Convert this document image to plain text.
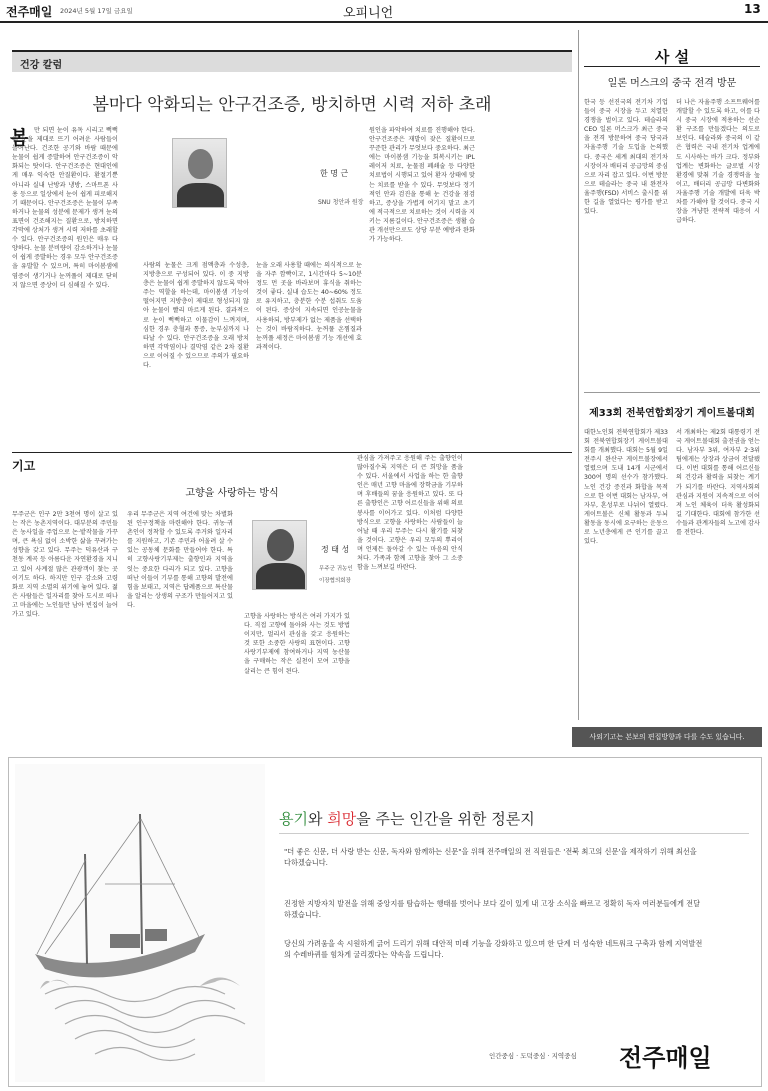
전주매일 2024년 5월 17일 금요일	오피니언	13
건강 칼럼
봄마다 악화되는 안구건조증, 방치하면 시력 저하 초래
봄 만 되면 눈이 유독 시리고 뻑뻑해 눈을 제대로 뜨기 어려운 사람들이 늘어난다. 건조한 공기와 바람 때문에 눈물이 쉽게 증발하여 안구건조증이 악화되는 탓이다. 안구건조증은 현대인에게 매우 익숙한 안질환이다. 환절기뿐 아니라 실내 난방과 냉방, 스마트폰 사용 등으로 일상에서 눈이 쉽게 피로해지기 때문이다. 안구건조증은 눈물이 부족하거나 눈물의 성분에 문제가 생겨 눈의 표면이 건조해지는 질환으로, 방치하면 각막에 상처가 생겨 시력 저하를 초래할 수 있다. 안구건조증의 원인은 매우 다양하다. 눈물 분비량이 감소하거나 눈물이 쉽게 증발하는 경우 모두 안구건조증을 유발할 수 있으며, 특히 마이봄샘에 염증이 생기거나 눈꺼풀이 제대로 닫히지 않으면 증상이 더 심해질 수 있다.
한 명 근
SNU 청안과 원장
사람의 눈물은 크게 점액층과 수성층, 지방층으로 구성되어 있다. 이 중 지방층은 눈물이 쉽게 증발하지 않도록 막아주는 역할을 하는데, 마이봄샘 기능이 떨어지면 지방층이 제대로 형성되지 않아 눈물이 빨리 마르게 된다. 결과적으로 눈이 뻑뻑하고 이물감이 느껴지며, 심한 경우 충혈과 통증, 눈부심까지 나타날 수 있다. 안구건조증을 오래 방치하면 각막염이나 결막염 같은 2차 질환으로 이어질 수 있으므로 주의가 필요하다.
눈을 오래 사용할 때에는 의식적으로 눈을 자주 깜빡이고, 1시간마다 5~10분 정도 먼 곳을 바라보며 휴식을 취하는 것이 좋다. 실내 습도는 40~60% 정도로 유지하고, 충분한 수분 섭취도 도움이 된다. 증상이 지속되면 인공눈물을 사용하되, 방부제가 없는 제품을 선택하는 것이 바람직하다. 눈꺼풀 온찜질과 눈꺼풀 세정은 마이봄샘 기능 개선에 효과적이다.
원인을 파악하여 치료를 진행해야 한다. 안구건조증은 재발이 잦은 질환이므로 꾸준한 관리가 무엇보다 중요하다. 최근에는 마이봄샘 기능을 회복시키는 IPL 레이저 치료, 눈물점 폐쇄술 등 다양한 치료법이 시행되고 있어 환자 상태에 맞는 치료를 받을 수 있다. 무엇보다 정기적인 안과 검진을 통해 눈 건강을 점검하고, 증상을 가볍게 여기지 말고 초기에 적극적으로 치료하는 것이 시력을 지키는 지름길이다. 안구건조증은 생활 습관 개선만으로도 상당 부분 예방과 완화가 가능하다.
사 설
일론 머스크의 중국 전격 방문
한국 등 선진국의 전기차 기업들이 중국 시장을 두고 치열한 경쟁을 벌이고 있다. 테슬라의 CEO 일론 머스크가 최근 중국을 전격 방문하여 중국 당국과 자율주행 기술 도입을 논의했다. 중국은 세계 최대의 전기차 시장이자 배터리 공급망의 중심으로 자리 잡고 있다. 이번 방문으로 테슬라는 중국 내 완전자율주행(FSD) 서비스 출시를 위한 길을 열었다는 평가를 받고 있다.
더 나은 자율주행 소프트웨어를 개발할 수 있도록 하고, 이를 다시 중국 시장에 적용하는 선순환 구조를 만들겠다는 의도로 보인다. 테슬라와 중국의 이 같은 협력은 국내 전기차 업계에도 시사하는 바가 크다. 정부와 업계는 변화하는 글로벌 시장 환경에 맞춰 기술 경쟁력을 높이고, 배터리 공급망 다변화와 자율주행 기술 개발에 더욱 박차를 가해야 할 것이다. 중국 시장을 겨냥한 전략적 대응이 시급하다.
제33회 전북연합회장기 게이트볼대회
대한노인회 전북연합회가 제33회 전북연합회장기 게이트볼대회를 개최했다. 대회는 5월 9일 전주시 완산구 게이트볼장에서 열렸으며 도내 14개 시군에서 300여 명의 선수가 참가했다. 노인 건강 증진과 화합을 목적으로 한 이번 대회는 남자부, 여자부, 혼성부로 나뉘어 열렸다. 게이트볼은 신체 활동과 두뇌 활동을 동시에 요구하는 운동으로 노년층에게 큰 인기를 끌고 있다.
서 개최하는 제2회 대통령기 전국 게이트볼대회 출전권을 얻는다. 남자부 3위, 여자부 2·3위 팀에게는 상장과 상금이 전달됐다. 이번 대회를 통해 어르신들의 건강과 활력을 되찾는 계기가 되기를 바란다. 지역사회의 관심과 지원이 지속적으로 이어져 노인 체육이 더욱 활성화되길 기대한다. 대회에 참가한 선수들과 관계자들의 노고에 감사를 전한다.
사외기고는 본보의 편집방향과 다를 수도 있습니다.
기고
고향을 사랑하는 방식
무주군은 인구 2만 3천여 명이 살고 있는 작은 농촌지역이다. 대부분의 주민들은 농사일을 주업으로 논·밭작물을 가꾸며, 큰 욕심 없이 소박한 삶을 꾸려가는 성향을 갖고 있다. 무주는 덕유산과 구천동 계곡 등 아름다운 자연환경을 지니고 있어 사계절 많은 관광객이 찾는 곳이기도 하다. 하지만 인구 감소와 고령화로 지역 소멸의 위기에 놓여 있다. 젊은 사람들은 일자리를 찾아 도시로 떠나고 마을에는 노인들만 남아 빈집이 늘어가고 있다.
우리 무주군은 지역 여건에 맞는 차별화된 인구정책을 마련해야 한다. 귀농·귀촌인이 정착할 수 있도록 주거와 일자리를 지원하고, 기존 주민과 어울려 살 수 있는 공동체 문화를 만들어야 한다. 특히 고향사랑기부제는 출향인과 지역을 잇는 중요한 다리가 되고 있다. 고향을 떠난 이들이 기부를 통해 고향의 발전에 힘을 보태고, 지역은 답례품으로 특산물을 알리는 상생의 구조가 만들어지고 있다.
정 태 성
무주군 귀농인
이장협의회장
고향을 사랑하는 방식은 여러 가지가 있다. 직접 고향에 돌아와 사는 것도 방법이지만, 멀리서 관심을 갖고 응원하는 것 또한 소중한 사랑의 표현이다. 고향사랑기부제에 참여하거나 지역 농산물을 구매하는 작은 실천이 모여 고향을 살리는 큰 힘이 된다.
관심을 가져주고 응원해 주는 출향인이 많아질수록 지역은 더 큰 희망을 품을 수 있다. 서울에서 사업을 하는 한 출향인은 매년 고향 마을에 장학금을 기부하며 후배들의 꿈을 응원하고 있다. 또 다른 출향인은 고향 어르신들을 위해 의료 봉사를 이어가고 있다. 이처럼 다양한 방식으로 고향을 사랑하는 사람들이 늘어날 때 우리 무주는 다시 활기를 되찾을 것이다. 고향은 우리 모두의 뿌리이며 언제든 돌아갈 수 있는 마음의 안식처다. 가족과 함께 고향을 찾아 그 소중함을 느껴보길 바란다.
용기와 희망을 주는 인간을 위한 정론지
"더 좋은 신문, 더 사랑 받는 신문, 독자와 함께하는 신문"을 위해 전주매일의 전 직원들은 '전북 최고의 신문'을 제작하기 위해 최선을 다하겠습니다.
진정한 지방자치 발전을 위해 중앙지를 탐습하는 행태를 벗어나 보다 깊이 있게 내 고장 소식을 빠르고 정확히 독자 여러분들에게 전달하겠습니다.
당신의 가려움을 속 시원하게 긁어 드리기 위해 대안적 미래 기능을 강화하고 있으며 한 단계 더 성숙한 네트워크 구축과 함께 지역발전의 수레바퀴를 힘차게 굴리겠다는 약속을 드립니다.
인간중심 · 도덕중심 · 지역중심 전주매일
